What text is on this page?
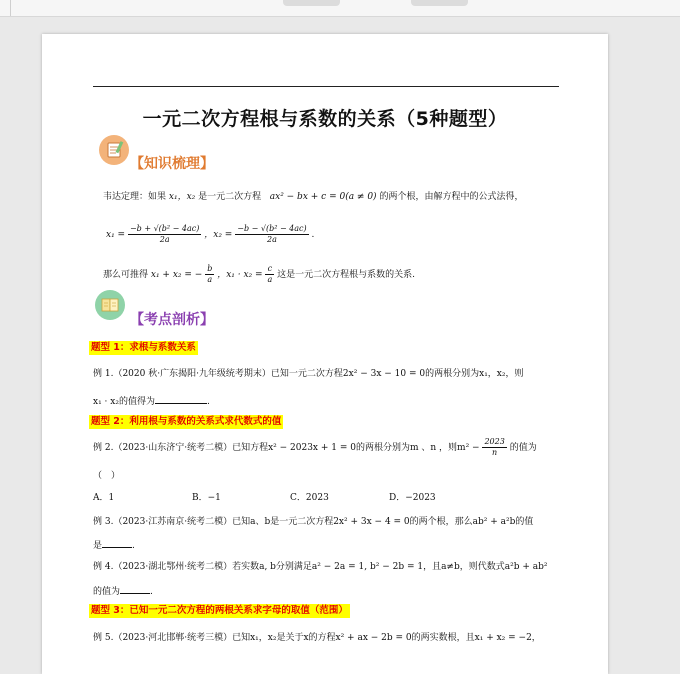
一元二次方程根与系数的关系（5种题型）
【知识梳理】
韦达定理：如果 x₁，x₂ 是一元二次方程 ax² − bx + c = 0(a ≠ 0) 的两个根，由解方程中的公式法得，
$x_1 = \frac{\text{−b + √(b² − 4ac)}}{2a}$ ，$x_2 = \frac{\text{−b − √(b² − 4ac)}}{2a}$ .
那么可推得 x₁ + x₂ = − $\frac{b}{a}$ ，$x_1 \cdot x_2 = \frac{c}{a}$ 这是一元二次方程根与系数的关系.
【考点剖析】
题型 1：求根与系数关系
例 1.（2020 秋·广东揭阳·九年级统考期末）已知一元二次方程2x² − 3x − 10 = 0的两根分别为x₁，x₂，则
x₁ · x₂的值得为	.
题型 2：利用根与系数的关系式求代数式的值
例 2.（2023·山东济宁·统考二模）已知方程x² − 2023x + 1 = 0的两根分别为m 、n ，则$m^2 - \frac{2023}{n}$ 的值为
（　）
A．1	B．−1	C．2023	D．−2023
例 3.（2023·江苏南京·统考二模）已知a、b是一元二次方程2x² + 3x − 4 = 0的两个根，那么ab² + a²b的值
是	.
例 4.（2023·湖北鄂州·统考二模）若实数a, b分别满足a² − 2a = 1, b² − 2b = 1，且a≠b，则代数式a²b + ab²
的值为	.
题型 3：已知一元二次方程的两根关系求字母的取值（范围）
例 5.（2023·河北邯郸·统考三模）已知x₁，x₂是关于x的方程x² + ax − 2b = 0的两实数根，且x₁ + x₂ = −2，
